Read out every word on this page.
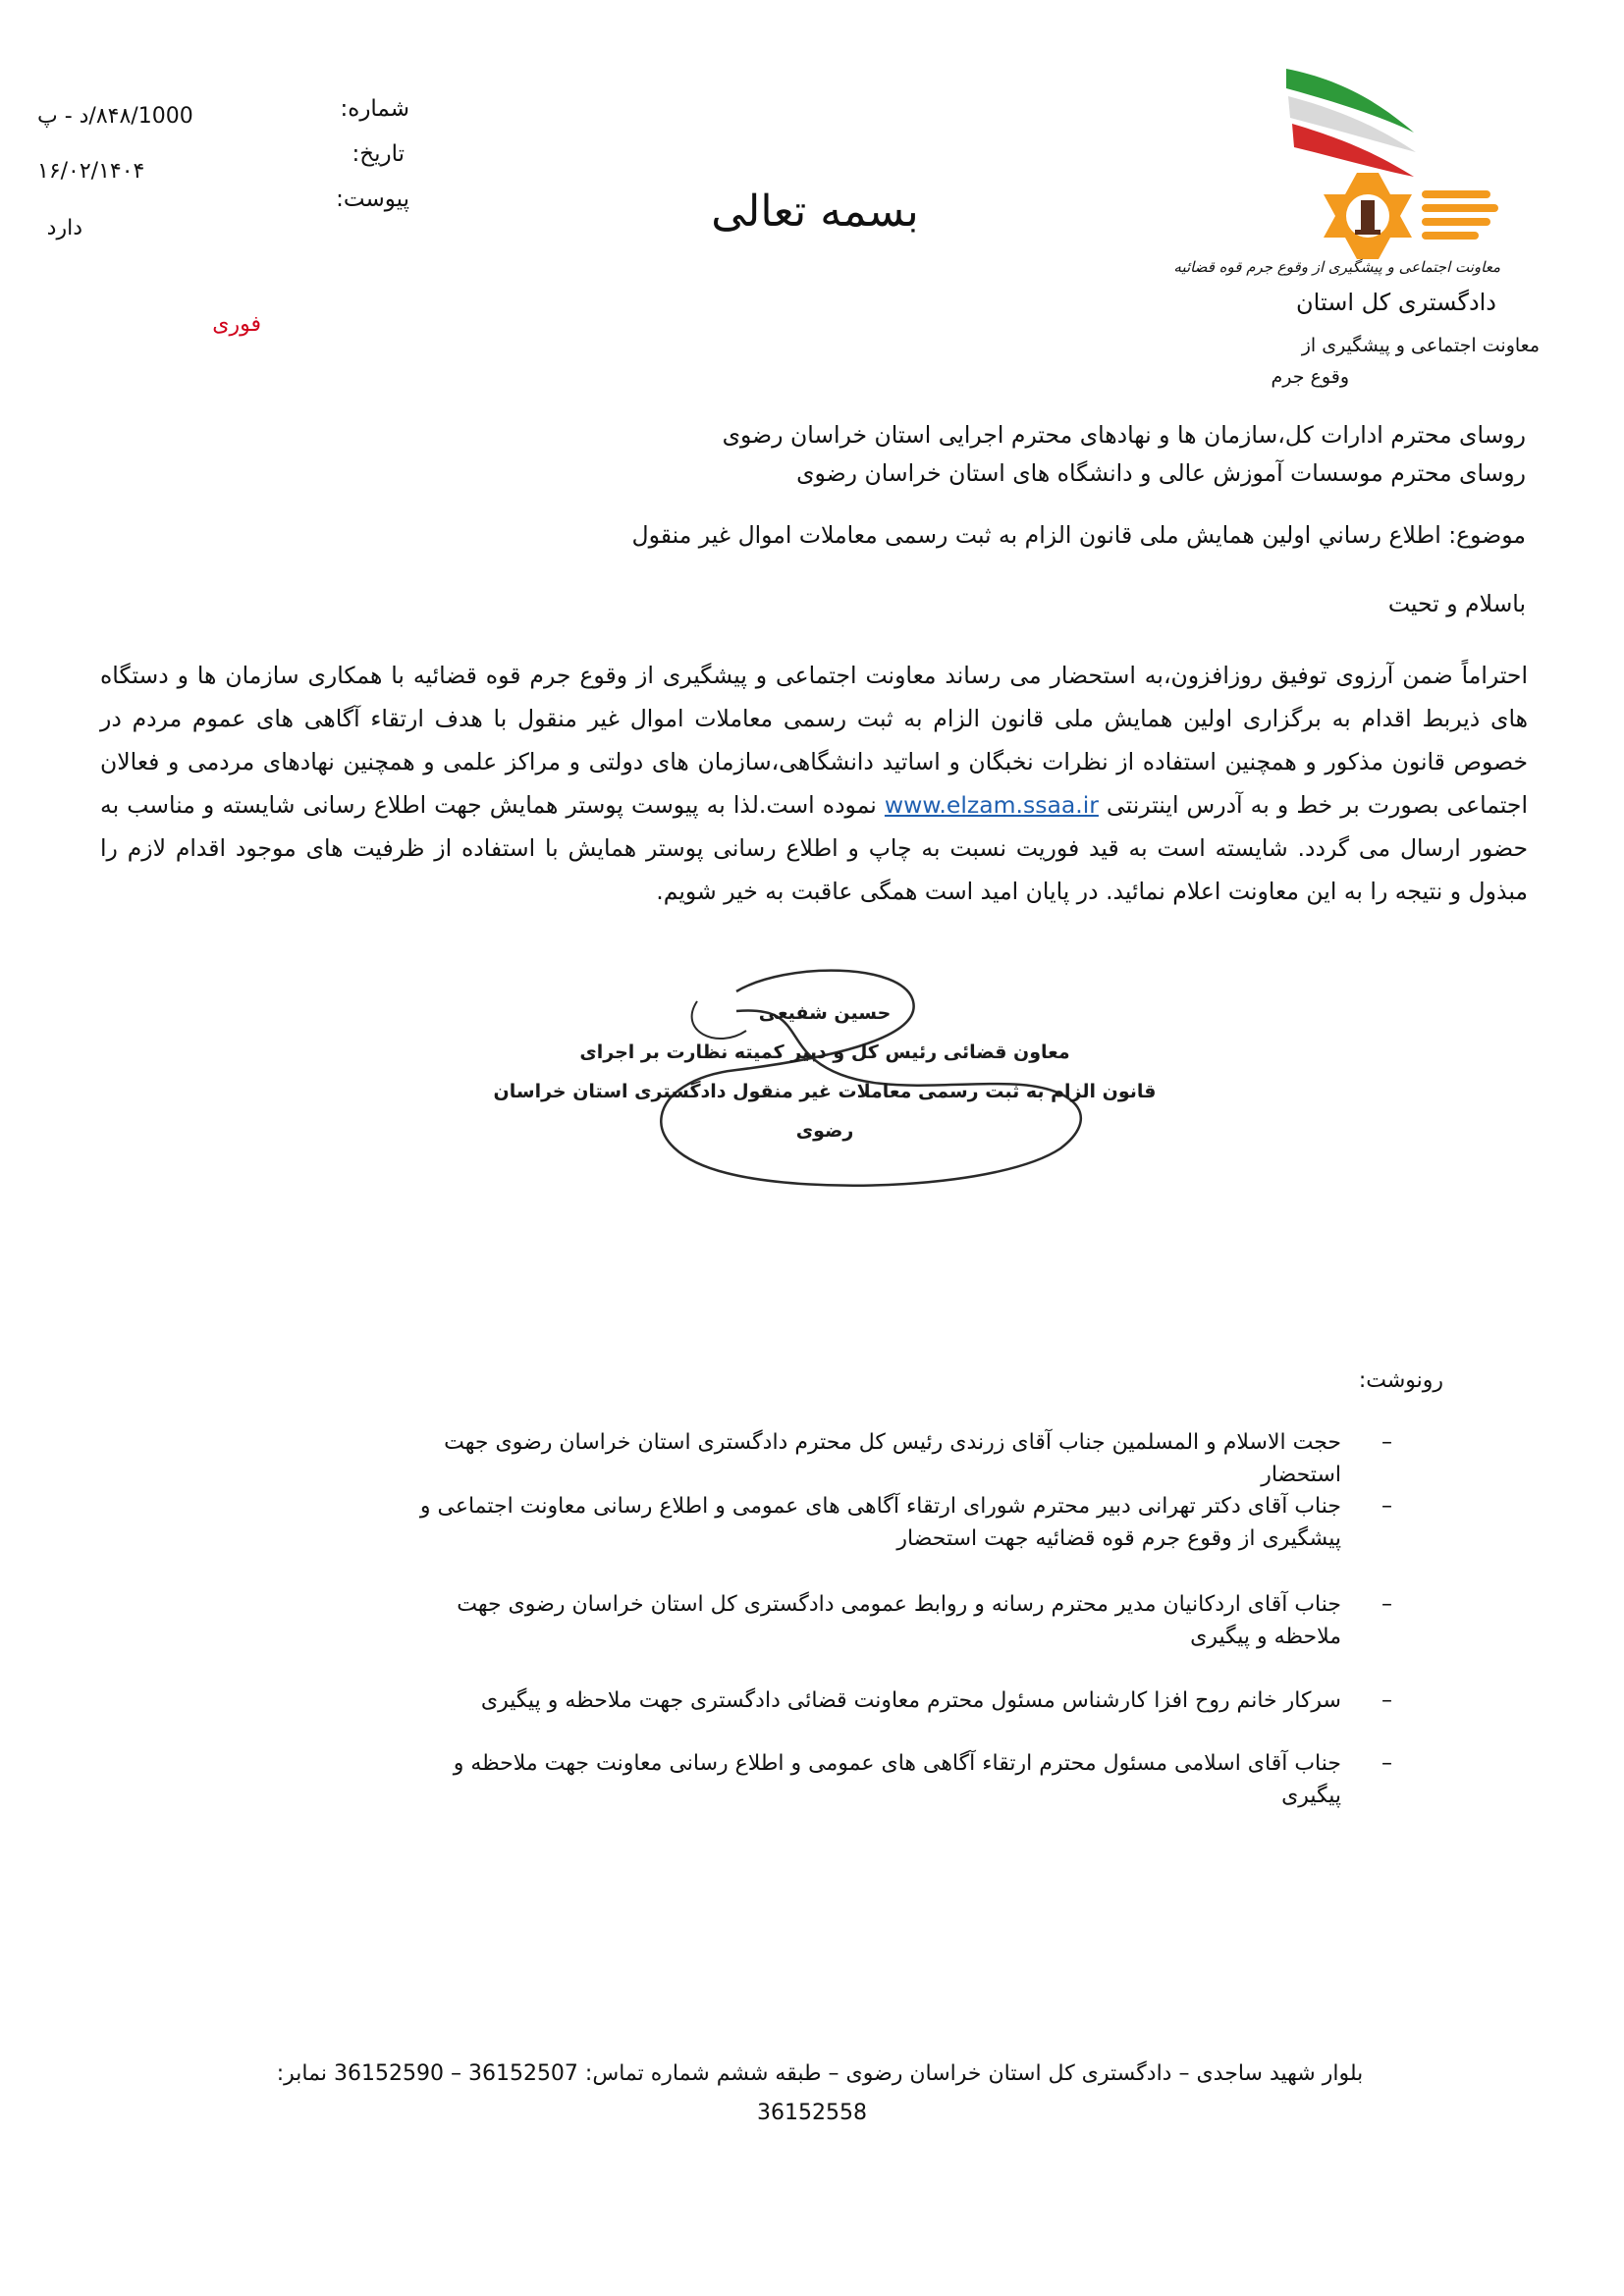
شماره:
تاریخ:
پیوست:
۸۴۸/1000/د - پ
۱۶/۰۲/۱۴۰۴
دارد
فوری
بسمه تعالی
معاونت اجتماعی و پیشگیری از وقوع جرم قوه قضائیه
دادگستری کل استان
معاونت اجتماعی و پیشگیری از
وقوع جرم
روسای محترم ادارات کل،سازمان ها و نهادهای محترم اجرایی استان خراسان رضوی
روسای محترم موسسات آموزش عالی و دانشگاه های استان خراسان رضوی
موضوع: اطلاع رساني اولین همایش ملی قانون الزام به ثبت رسمی معاملات اموال غیر منقول
باسلام و تحیت
احتراماً ضمن آرزوی توفیق روزافزون،به استحضار می رساند معاونت اجتماعی و پیشگیری از وقوع جرم قوه قضائیه با همکاری سازمان ها و دستگاه های ذیربط اقدام به برگزاری اولین همایش ملی قانون الزام به ثبت رسمی معاملات اموال غیر منقول با هدف ارتقاء آگاهی های عموم مردم در خصوص قانون مذکور و همچنین استفاده از نظرات نخبگان و اساتید دانشگاهی،سازمان های دولتی و مراکز علمی و همچنین نهادهای مردمی و فعالان اجتماعی بصورت بر خط و به آدرس اینترنتی www.elzam.ssaa.ir نموده است.لذا به پیوست پوستر همایش جهت اطلاع رسانی شایسته و مناسب به حضور ارسال می گردد. شایسته است به قید فوریت نسبت به چاپ و اطلاع رسانی پوستر همایش با استفاده از ظرفیت های موجود اقدام لازم را مبذول و نتیجه را به این معاونت اعلام نمائید. در پایان امید است همگی عاقبت به خیر شویم.
حسین شفیعی
معاون قضائی رئیس کل و دبیر کمیته نظارت بر اجرای
قانون الزام به ثبت رسمی معاملات غیر منقول دادگستری استان خراسان رضوی
رونوشت:
–
حجت الاسلام و المسلمین جناب آقای زرندی رئیس کل محترم دادگستری استان خراسان رضوی جهت استحضار
–
جناب آقای دکتر تهرانی دبیر محترم شورای ارتقاء آگاهی های عمومی و اطلاع رسانی معاونت اجتماعی و پیشگیری از وقوع جرم قوه قضائیه جهت استحضار
–
جناب آقای اردکانیان مدیر محترم رسانه و روابط عمومی دادگستری کل استان خراسان رضوی جهت ملاحظه و پیگیری
–
سرکار خانم روح افزا کارشناس مسئول محترم معاونت قضائی دادگستری جهت ملاحظه و پیگیری
–
جناب آقای اسلامی مسئول محترم ارتقاء آگاهی های عمومی و اطلاع رسانی معاونت جهت ملاحظه و پیگیری
بلوار شهید ساجدی – دادگستری کل استان خراسان رضوی – طبقه ششم شماره تماس: 36152507 – 36152590 نمابر:
36152558
